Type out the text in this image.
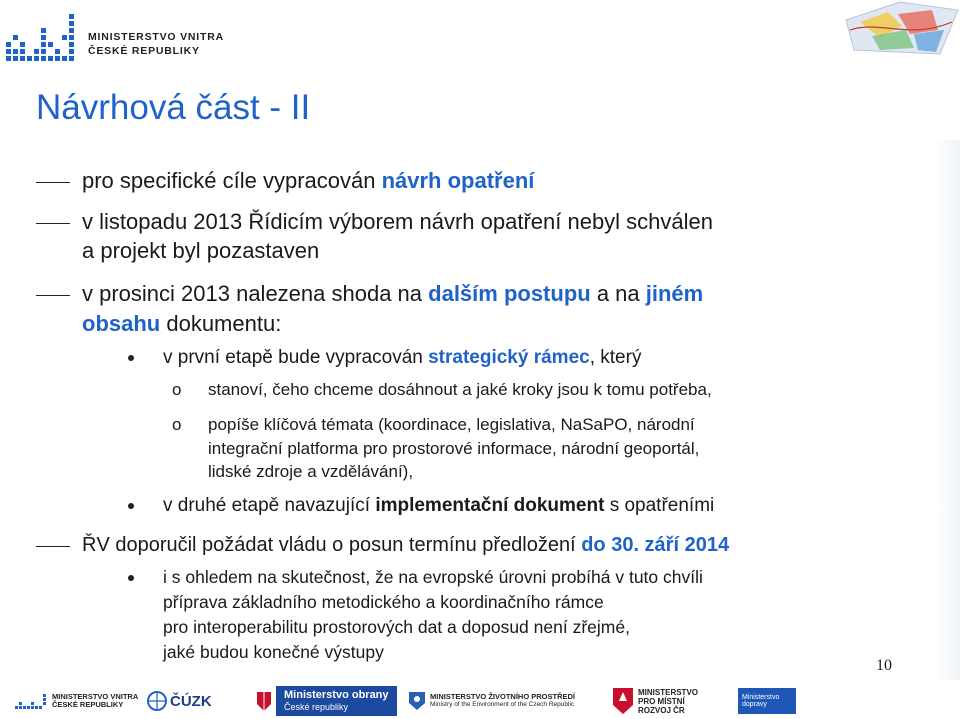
MINISTERSTVO VNITRA
ČESKÉ REPUBLIKY
Návrhová část - II
pro specifické cíle vypracován návrh opatření
v listopadu 2013 Řídicím výborem návrh opatření nebyl schválen
a projekt byl pozastaven
v prosinci 2013 nalezena shoda na dalším postupu a na jiném
obsahu dokumentu:
v první etapě bude vypracován strategický rámec, který
o stanoví, čeho chceme dosáhnout a jaké kroky jsou k tomu potřeba,
o popíše klíčová témata (koordinace, legislativa, NaSaPO, národní
integrační platforma pro prostorové informace, národní geoportál,
lidské zdroje a vzdělávání),
v druhé etapě navazující implementační dokument s opatřeními
ŘV doporučil požádat vládu o posun termínu předložení do 30. září 2014
i s ohledem na skutečnost, že na evropské úrovni probíhá v tuto chvíli
příprava základního metodického a koordinačního rámce
pro interoperabilitu prostorových dat a doposud není zřejmé,
jaké budou konečné výstupy
10
MINISTERSTVO VNITRA
ČESKÉ REPUBLIKY	ČÚZK	Ministerstvo obrany
České republiky
MINISTERSTVO ŽIVOTNÍHO PROSTŘEDÍ
Ministry of the Environment of the Czech Republic
MINISTERSTVO
PRO MÍSTNÍ
ROZVOJ ČR
Ministerstvo dopravy
